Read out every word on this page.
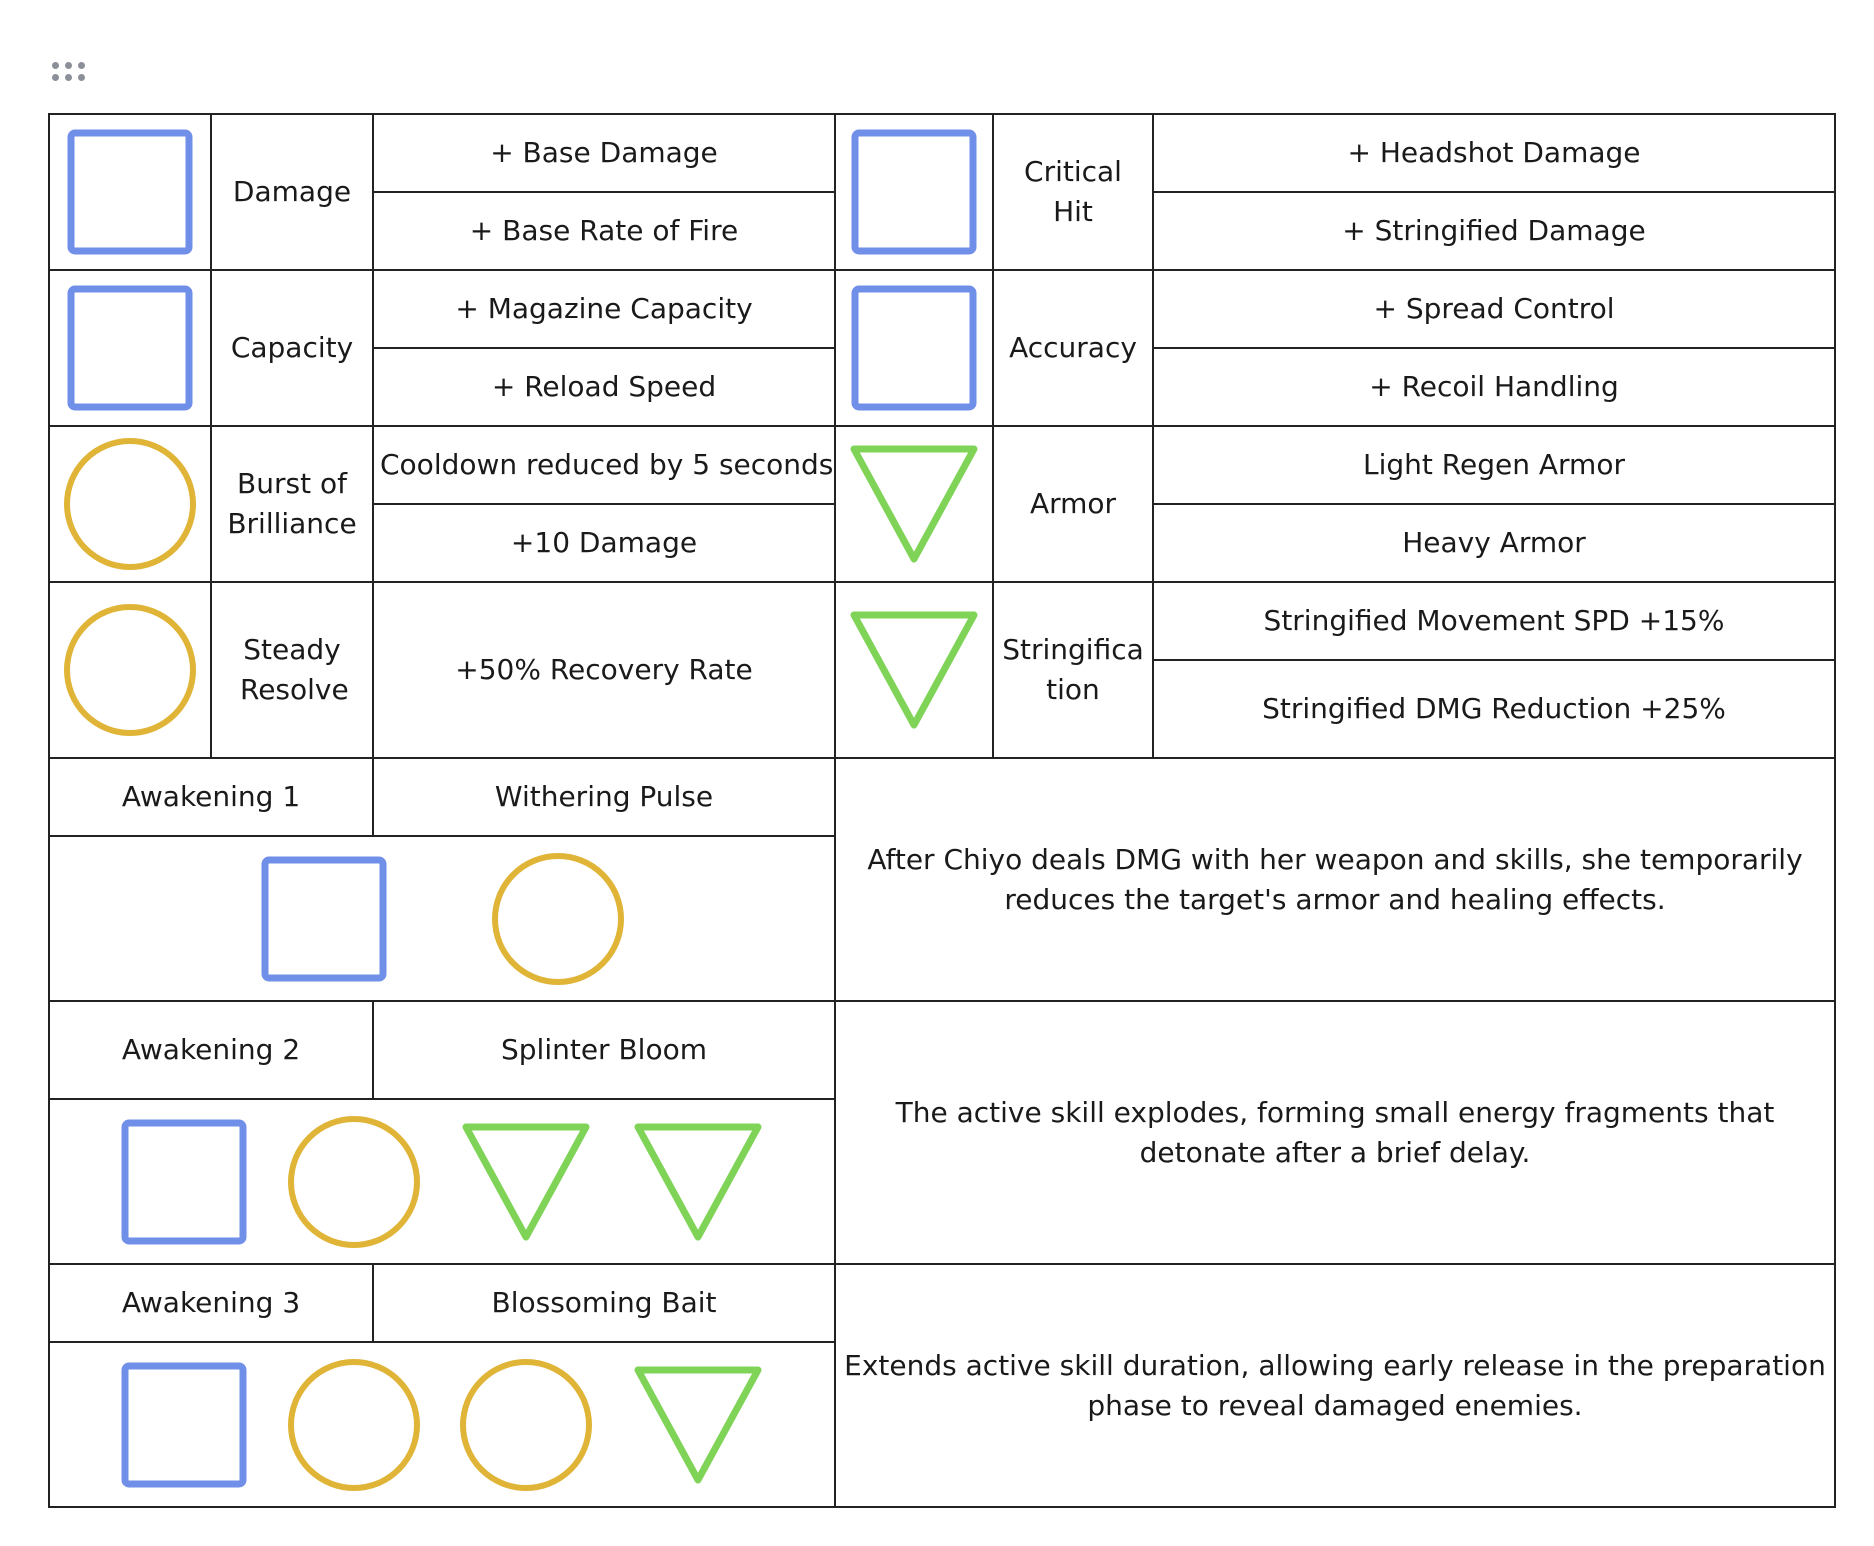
	Damage	+ Base Damage		Critical Hit	+ Headshot Damage
		+ Base Rate of Fire			+ Stringified Damage

	Capacity	+ Magazine Capacity		Accuracy	+ Spread Control
		+ Reload Speed			+ Recoil Handling

	Burst of Brilliance	Cooldown reduced by 5 seconds		Armor	Light Regen Armor
		+10 Damage			Heavy Armor

	Steady Resolve	+50% Recovery Rate		Stringification	Stringified Movement SPD +15%
					Stringified DMG Reduction +25%
Awakening 1		Withering Pulse	After Chiyo deals DMG with her weapon and skills, she temporarily reduces the target's armor and healing effects.		

Awakening 2		Splinter Bloom	The active skill explodes, forming small energy fragments that detonate after a brief delay.		

Awakening 3		Blossoming Bait	Extends active skill duration, allowing early release in the preparation phase to reveal damaged enemies.		
